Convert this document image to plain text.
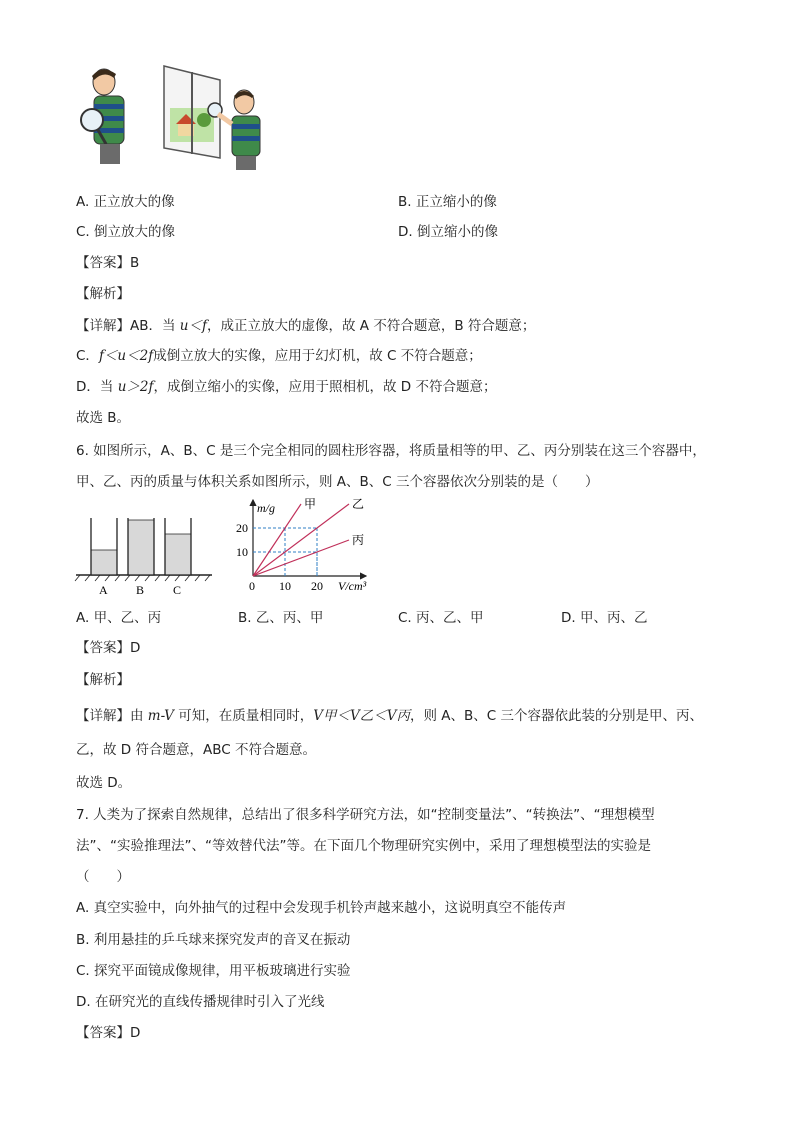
A. 正立放大的像	B. 正立缩小的像
C. 倒立放大的像	D. 倒立缩小的像
【答案】B
【解析】
【详解】AB．当 u＜f，成正立放大的虚像，故 A 不符合题意，B 符合题意；
C．f＜u＜2f成倒立放大的实像，应用于幻灯机，故 C 不符合题意；
D．当 u＞2f，成倒立缩小的实像，应用于照相机，故 D 不符合题意；
故选 B。
6. 如图所示，A、B、C 是三个完全相同的圆柱形容器，将质量相等的甲、乙、丙分别装在这三个容器中，
甲、乙、丙的质量与体积关系如图所示，则 A、B、C 三个容器依次分别装的是（　　）
A B C
m/g
V/cm³
0 10 20
10
20
甲	乙
丙
A. 甲、乙、丙	B. 乙、丙、甲	C. 丙、乙、甲	D. 甲、丙、乙
【答案】D
【解析】
【详解】由 m-V 可知，在质量相同时，V甲＜V乙＜V丙，则 A、B、C 三个容器依此装的分别是甲、丙、
乙，故 D 符合题意，ABC 不符合题意。
故选 D。
7. 人类为了探索自然规律，总结出了很多科学研究方法，如“控制变量法”、“转换法”、“理想模型
法”、“实验推理法”、“等效替代法”等。在下面几个物理研究实例中，采用了理想模型法的实验是
（　　）
A. 真空实验中，向外抽气的过程中会发现手机铃声越来越小，这说明真空不能传声
B. 利用悬挂的乒乓球来探究发声的音叉在振动
C. 探究平面镜成像规律，用平板玻璃进行实验
D. 在研究光的直线传播规律时引入了光线
【答案】D
